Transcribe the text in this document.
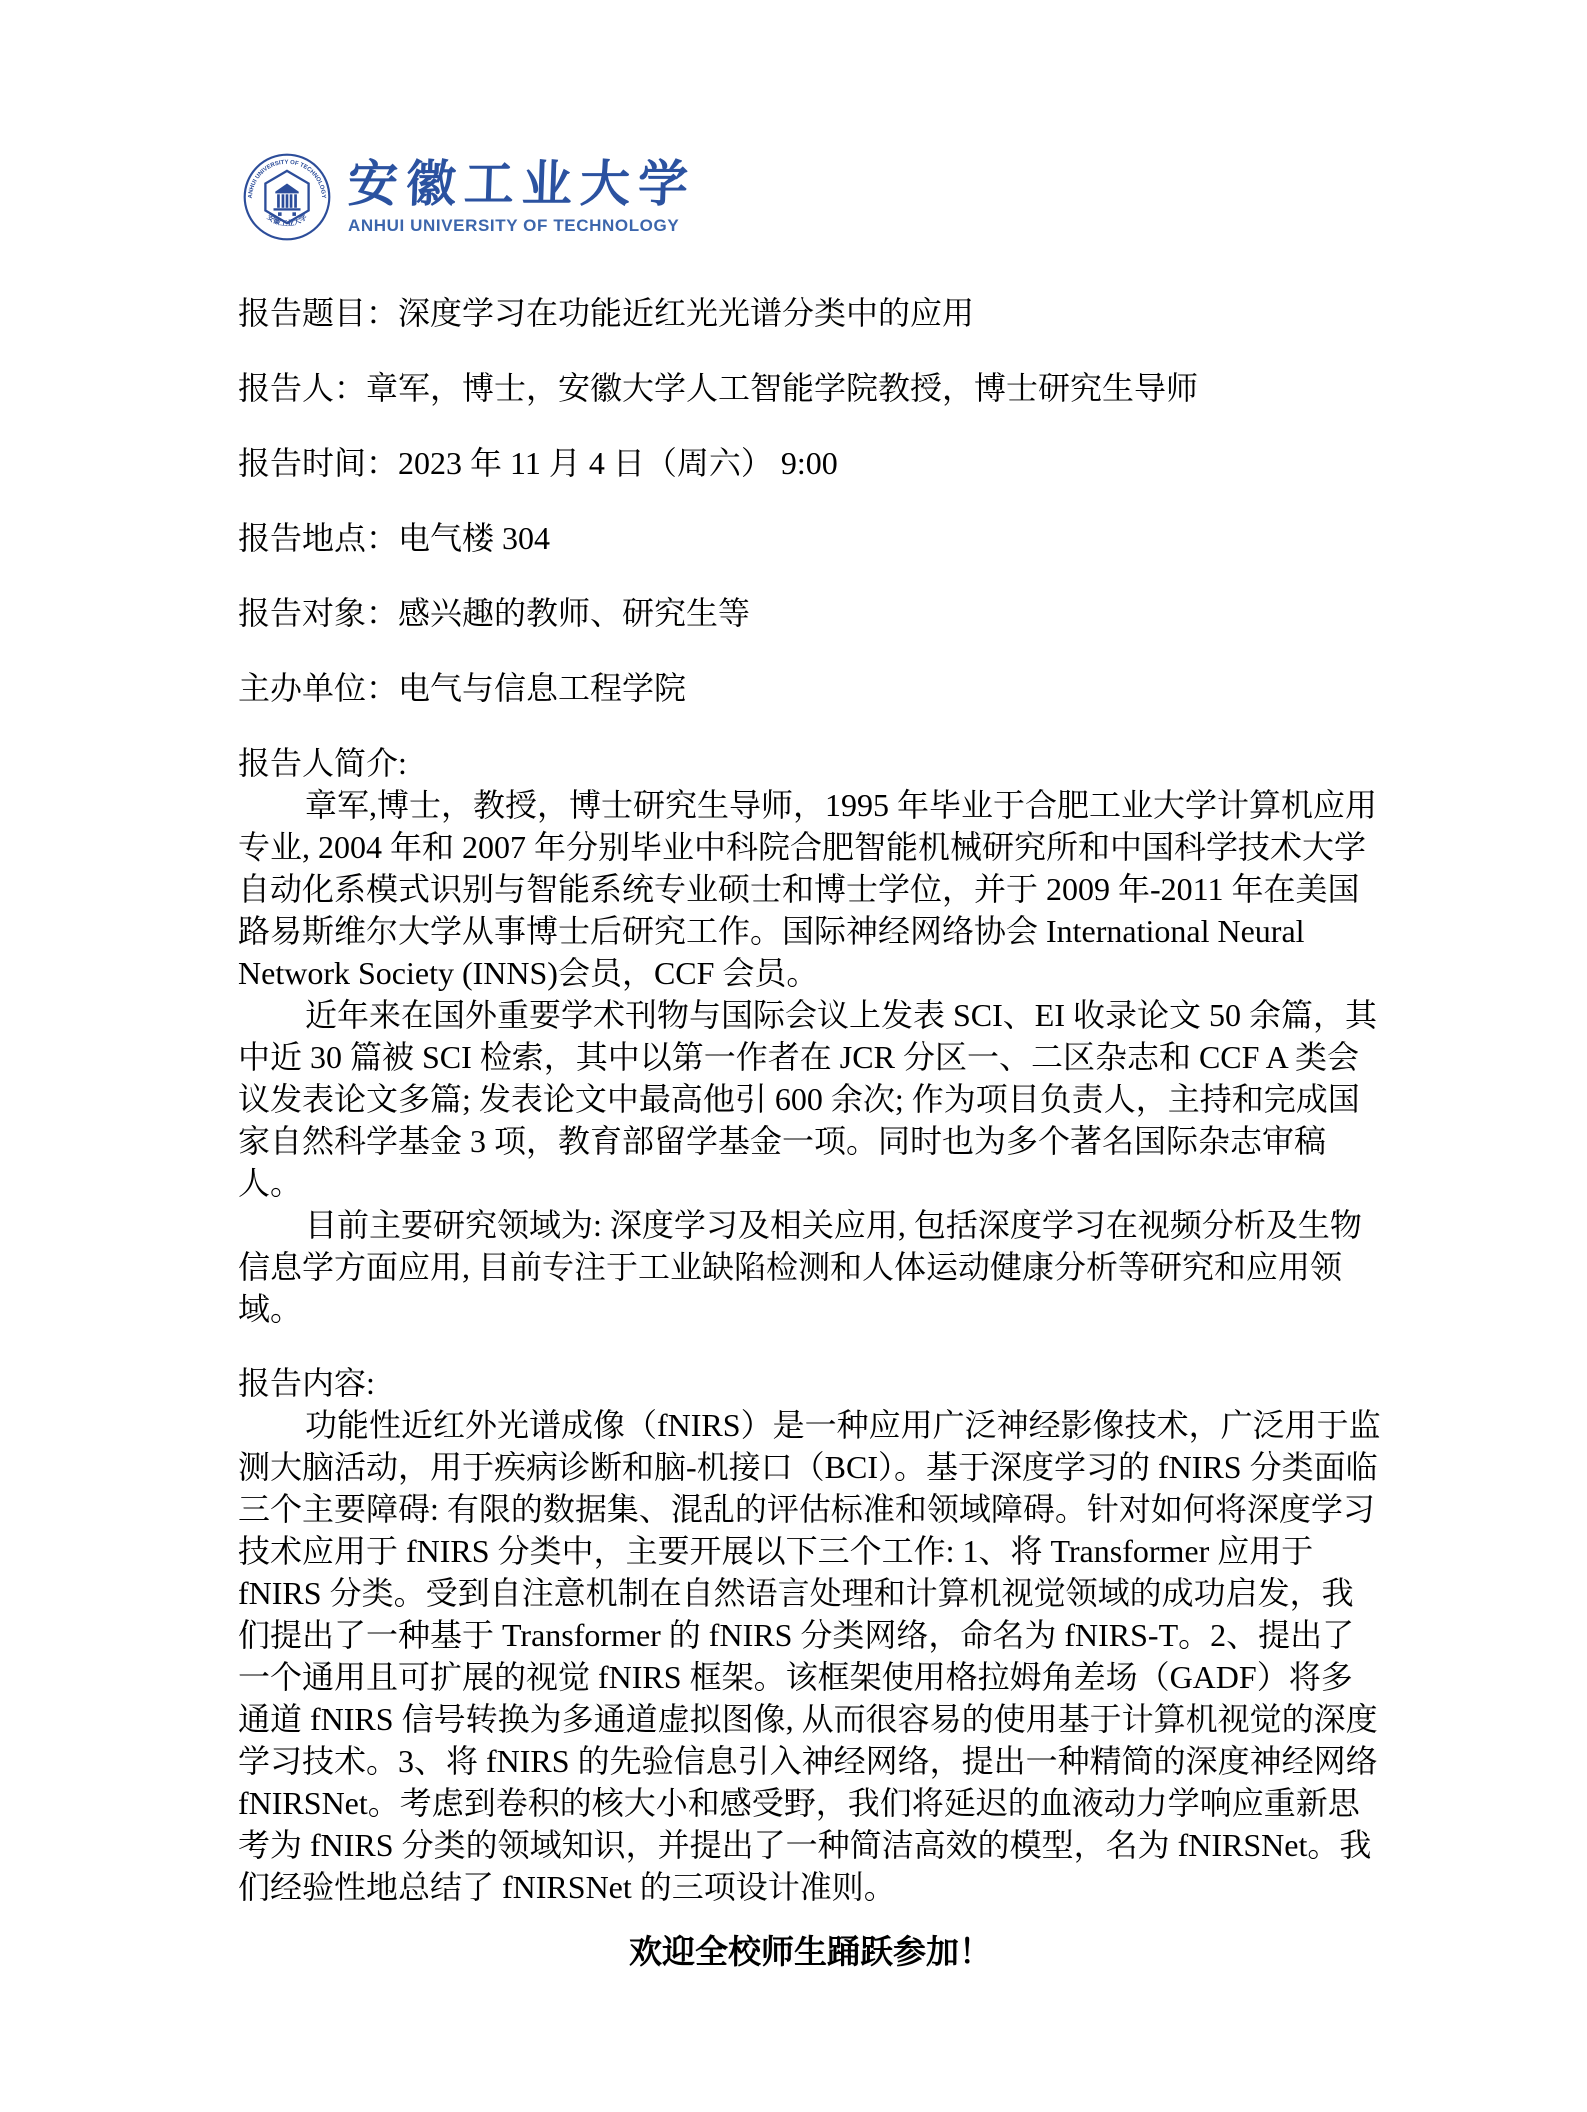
ANHUI UNIVERSITY OF TECHNOLOGY
安徽工业大学
安徽工业大学
ANHUI UNIVERSITY OF TECHNOLOGY

报告题目：深度学习在功能近红光光谱分类中的应用

报告人：章军，博士，安徽大学人工智能学院教授，博士研究生导师

报告时间：2023 年 11 月 4 日（周六） 9:00

报告地点：电气楼 304

报告对象：感兴趣的教师、研究生等

主办单位：电气与信息工程学院

报告人简介:

章军,博士，教授，博士研究生导师，1995 年毕业于合肥工业大学计算机应用专业, 2004 年和 2007 年分别毕业中科院合肥智能机械研究所和中国科学技术大学自动化系模式识别与智能系统专业硕士和博士学位，并于 2009 年-2011 年在美国路易斯维尔大学从事博士后研究工作。国际神经网络协会 International Neural Network Society (INNS)会员，CCF 会员。

近年来在国外重要学术刊物与国际会议上发表 SCI、EI 收录论文 50 余篇，其中近 30 篇被 SCI 检索，其中以第一作者在 JCR 分区一、二区杂志和 CCF A 类会议发表论文多篇; 发表论文中最高他引 600 余次; 作为项目负责人，主持和完成国家自然科学基金 3 项，教育部留学基金一项。同时也为多个著名国际杂志审稿人。

目前主要研究领域为: 深度学习及相关应用, 包括深度学习在视频分析及生物信息学方面应用, 目前专注于工业缺陷检测和人体运动健康分析等研究和应用领域。

报告内容:

功能性近红外光谱成像（fNIRS）是一种应用广泛神经影像技术，广泛用于监测大脑活动，用于疾病诊断和脑-机接口（BCI）。基于深度学习的 fNIRS 分类面临三个主要障碍: 有限的数据集、混乱的评估标准和领域障碍。针对如何将深度学习技术应用于 fNIRS 分类中，主要开展以下三个工作: 1、将 Transformer 应用于 fNIRS 分类。受到自注意机制在自然语言处理和计算机视觉领域的成功启发，我们提出了一种基于 Transformer 的 fNIRS 分类网络，命名为 fNIRS-T。2、提出了一个通用且可扩展的视觉 fNIRS 框架。该框架使用格拉姆角差场（GADF）将多通道 fNIRS 信号转换为多通道虚拟图像, 从而很容易的使用基于计算机视觉的深度学习技术。3、将 fNIRS 的先验信息引入神经网络，提出一种精简的深度神经网络 fNIRSNet。考虑到卷积的核大小和感受野，我们将延迟的血液动力学响应重新思考为 fNIRS 分类的领域知识，并提出了一种简洁高效的模型，名为 fNIRSNet。我们经验性地总结了 fNIRSNet 的三项设计准则。

欢迎全校师生踊跃参加！
